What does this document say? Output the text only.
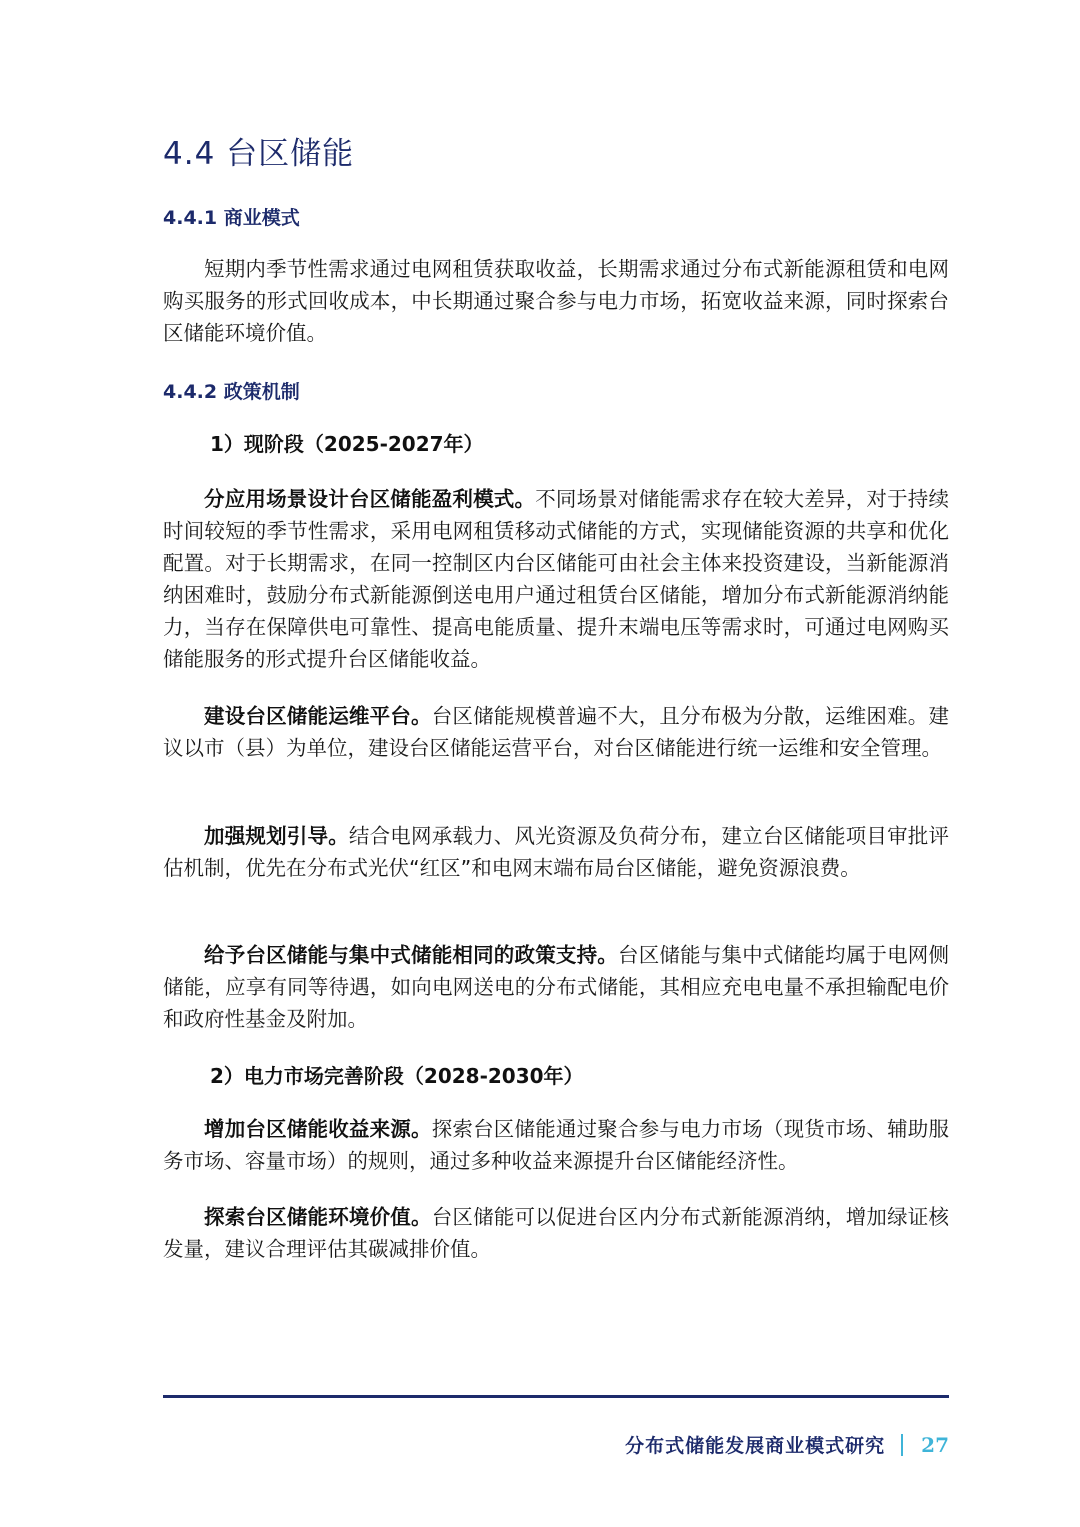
4.4 台区储能
4.4.1 商业模式

短期内季节性需求通过电网租赁获取收益，长期需求通过分布式新能源租赁和电网购买服务的形式回收成本，中长期通过聚合参与电力市场，拓宽收益来源，同时探索台区储能环境价值。

4.4.2 政策机制
1）现阶段（2025-2027年）

分应用场景设计台区储能盈利模式。不同场景对储能需求存在较大差异，对于持续时间较短的季节性需求，采用电网租赁移动式储能的方式，实现储能资源的共享和优化配置。对于长期需求，在同一控制区内台区储能可由社会主体来投资建设，当新能源消纳困难时，鼓励分布式新能源倒送电用户通过租赁台区储能，增加分布式新能源消纳能力，当存在保障供电可靠性、提高电能质量、提升末端电压等需求时，可通过电网购买储能服务的形式提升台区储能收益。

建设台区储能运维平台。台区储能规模普遍不大，且分布极为分散，运维困难。建议以市（县）为单位，建设台区储能运营平台，对台区储能进行统一运维和安全管理。

加强规划引导。结合电网承载力、风光资源及负荷分布，建立台区储能项目审批评估机制，优先在分布式光伏“红区”和电网末端布局台区储能，避免资源浪费。

给予台区储能与集中式储能相同的政策支持。台区储能与集中式储能均属于电网侧储能，应享有同等待遇，如向电网送电的分布式储能，其相应充电电量不承担输配电价和政府性基金及附加。

2）电力市场完善阶段（2028-2030年）

增加台区储能收益来源。探索台区储能通过聚合参与电力市场（现货市场、辅助服务市场、容量市场）的规则，通过多种收益来源提升台区储能经济性。

探索台区储能环境价值。台区储能可以促进台区内分布式新能源消纳，增加绿证核发量，建议合理评估其碳减排价值。

分布式储能发展商业模式研究 27
